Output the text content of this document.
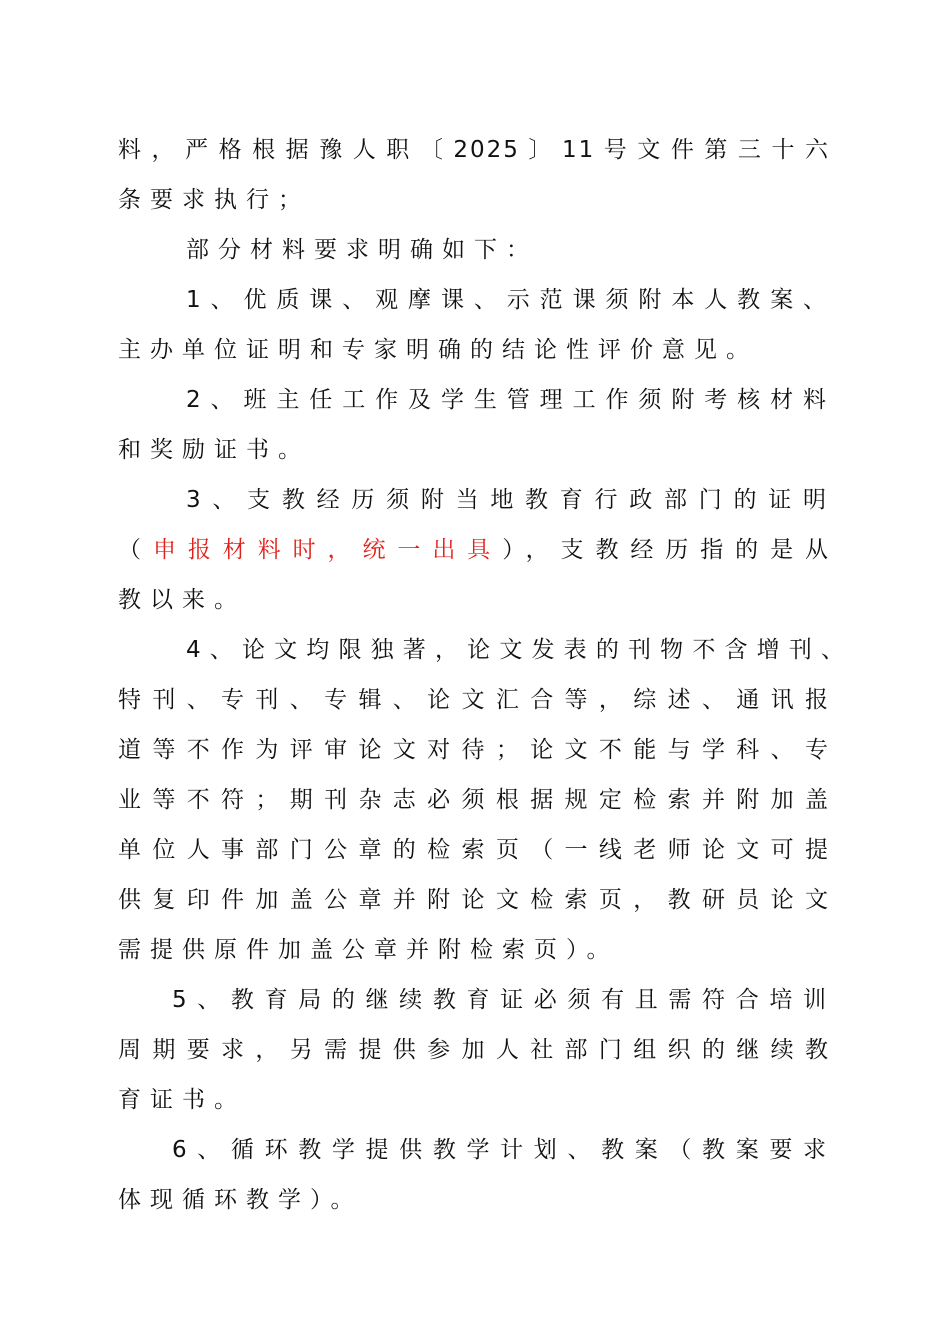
料，严格根据豫人职〔2025〕11号文件第三十六
条要求执行；
部分材料要求明确如下：
1、优质课、观摩课、示范课须附本人教案、
主办单位证明和专家明确的结论性评价意见。
2、班主任工作及学生管理工作须附考核材料
和奖励证书。
3、支教经历须附当地教育行政部门的证明
（申报材料时，统一出具），支教经历指的是从
教以来。
4、论文均限独著，论文发表的刊物不含增刊、
特刊、专刊、专辑、论文汇合等，综述、通讯报
道等不作为评审论文对待；论文不能与学科、专
业等不符；期刊杂志必须根据规定检索并附加盖
单位人事部门公章的检索页（一线老师论文可提
供复印件加盖公章并附论文检索页，教研员论文
需提供原件加盖公章并附检索页）。
5、教育局的继续教育证必须有且需符合培训
周期要求，另需提供参加人社部门组织的继续教
育证书。
6、循环教学提供教学计划、教案（教案要求
体现循环教学）。
